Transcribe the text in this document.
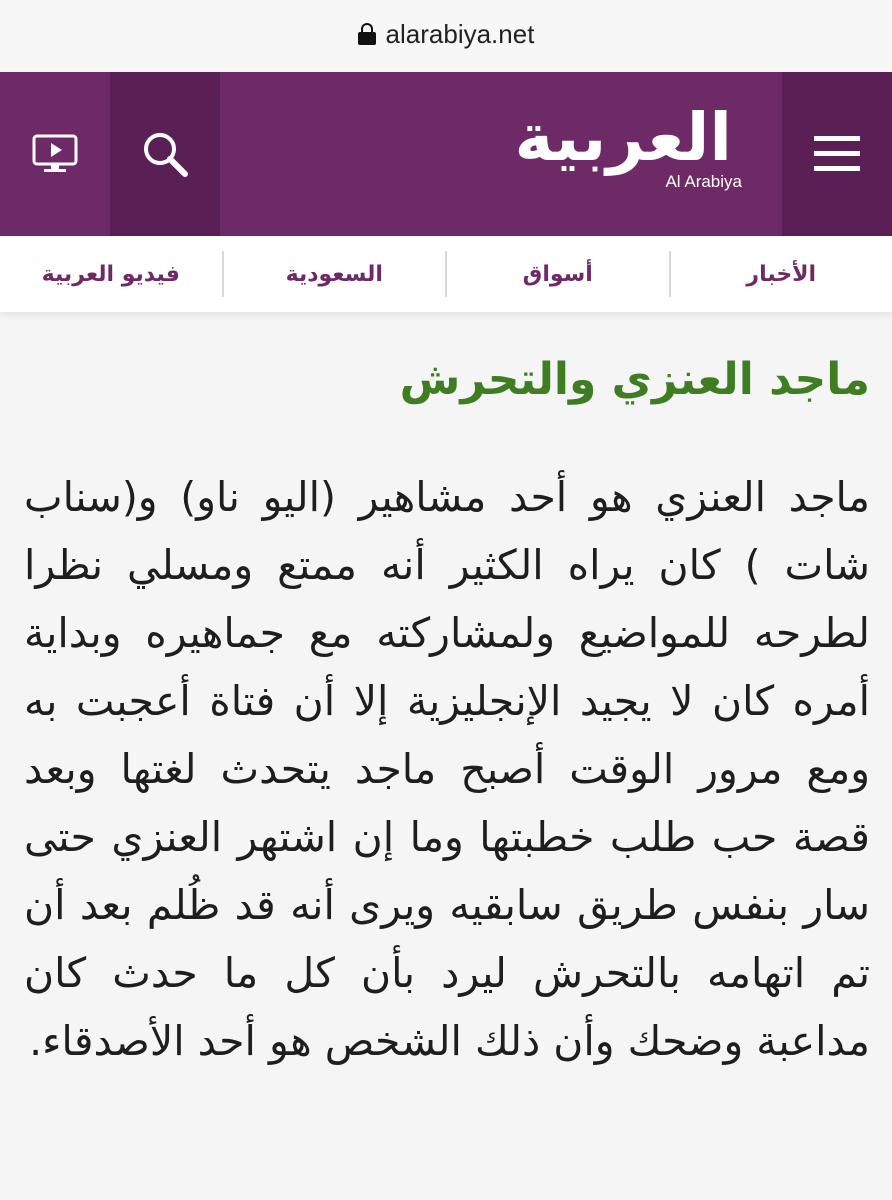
alarabiya.net
العربية
Al Arabiya
الأخبار
أسواق
السعودية
فيديو العربية
ماجد العنزي والتحرش

ماجد العنزي هو أحد مشاهير (اليو ناو) و(سناب شات ) كان يراه الكثير أنه ممتع ومسلي نظرا لطرحه للمواضيع ولمشاركته مع جماهيره وبداية أمره كان لا يجيد الإنجليزية إلا أن فتاة أعجبت به ومع مرور الوقت أصبح ماجد يتحدث لغتها وبعد قصة حب طلب خطبتها وما إن اشتهر العنزي حتى سار بنفس طريق سابقيه ويرى أنه قد ظُلم بعد أن تم اتهامه بالتحرش ليرد بأن كل ما حدث كان مداعبة وضحك وأن ذلك الشخص هو أحد الأصدقاء.
